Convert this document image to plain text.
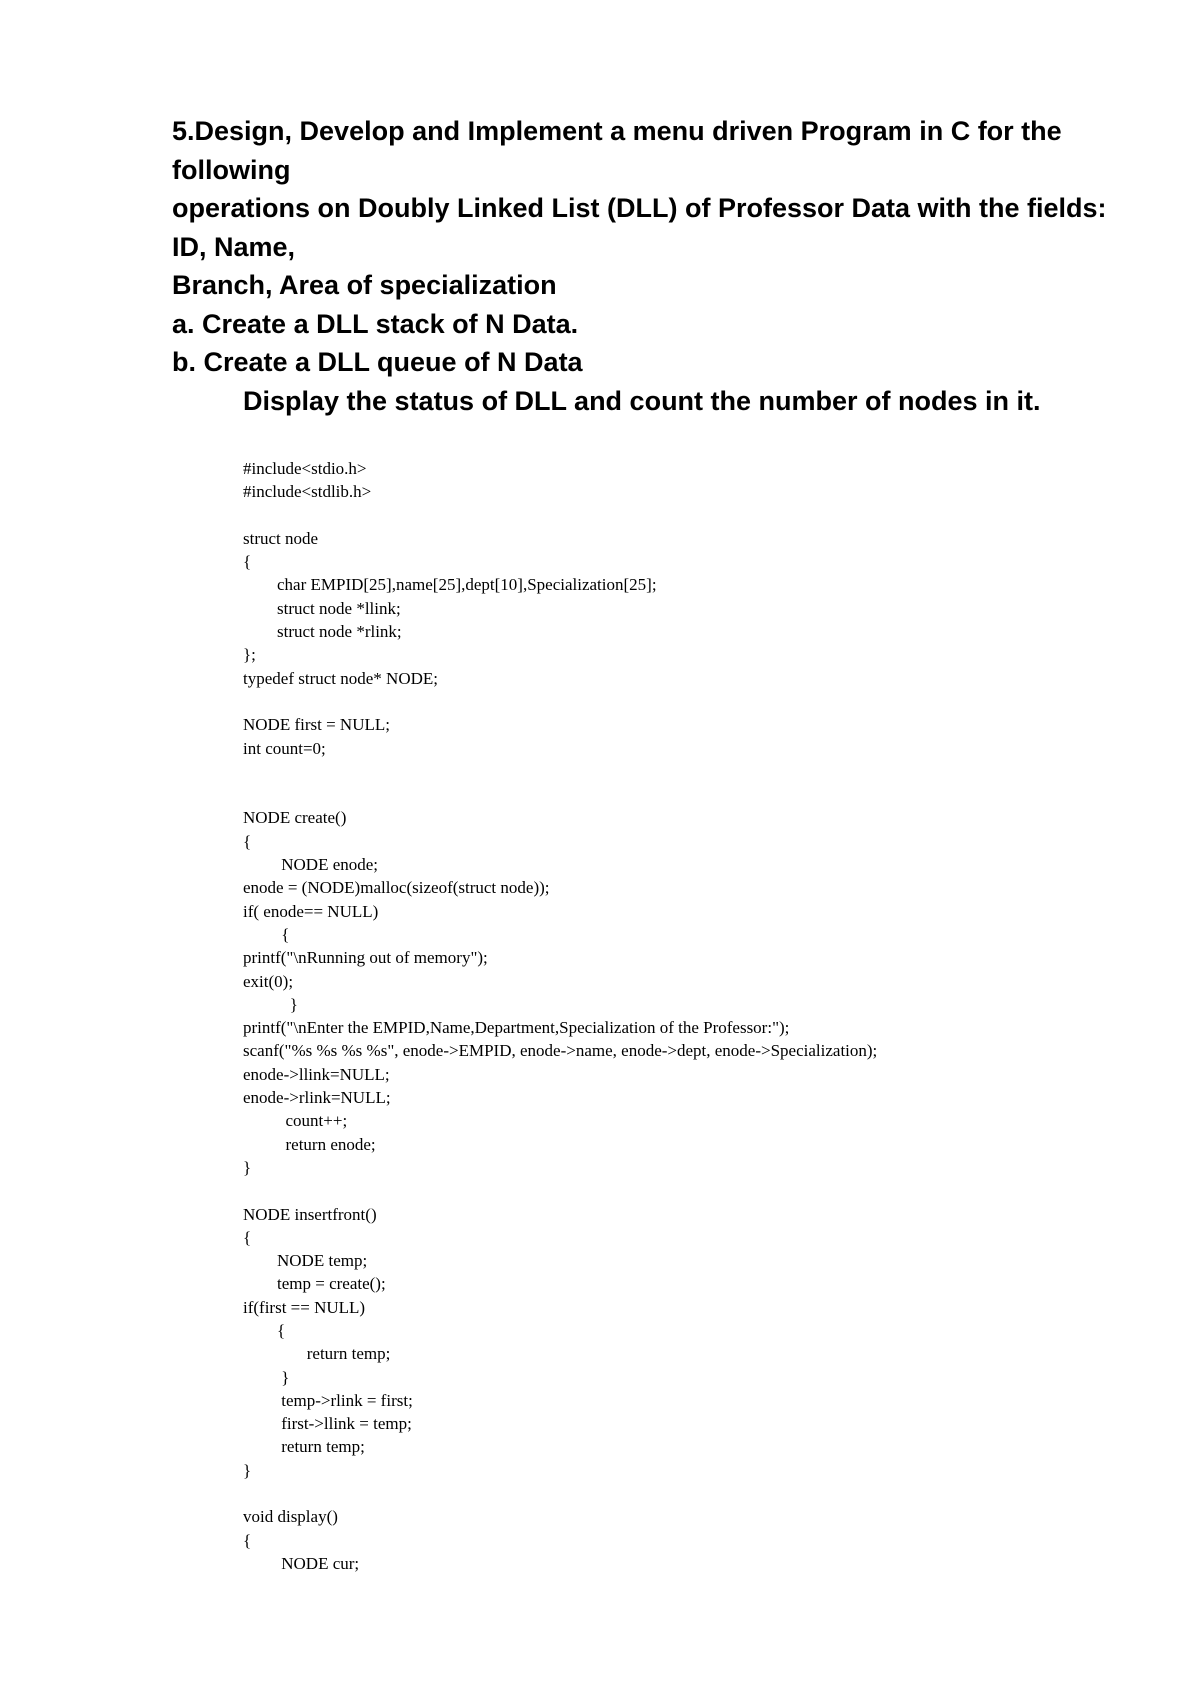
5.Design, Develop and Implement a menu driven Program in C for the
following
operations on Doubly Linked List (DLL) of Professor Data with the fields:
ID, Name,
Branch, Area of specialization
a. Create a DLL stack of N Data.
b. Create a DLL queue of N Data
Display the status of DLL and count the number of nodes in it.
#include<stdio.h>
#include<stdlib.h>
struct node
{
char EMPID[25],name[25],dept[10],Specialization[25];
struct node *llink;
struct node *rlink;
};
typedef struct node* NODE;
NODE first = NULL;
int count=0;
NODE create()
{
NODE enode;
enode = (NODE)malloc(sizeof(struct node));
if( enode== NULL)
{
printf("\nRunning out of memory");
exit(0);
}
printf("\nEnter the EMPID,Name,Department,Specialization of the Professor:");
scanf("%s %s %s %s", enode->EMPID, enode->name, enode->dept, enode->Specialization);
enode->llink=NULL;
enode->rlink=NULL;
count++;
return enode;
}
NODE insertfront()
{
NODE temp;
temp = create();
if(first == NULL)
{
return temp;
}
temp->rlink = first;
first->llink = temp;
return temp;
}
void display()
{
NODE cur;
